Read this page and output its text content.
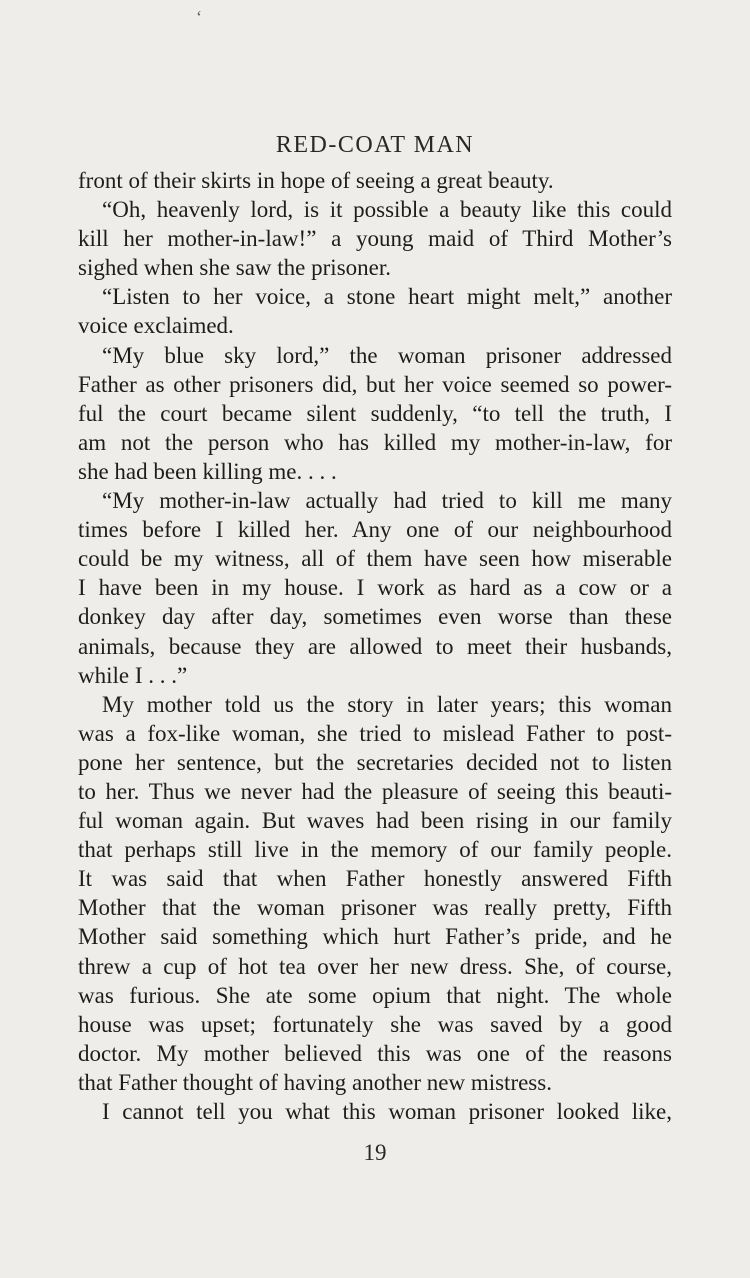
‘
RED-COAT MAN
front of their skirts in hope of seeing a great beauty.
“Oh, heavenly lord, is it possible a beauty like this could
kill her mother-in-law!” a young maid of Third Mother’s
sighed when she saw the prisoner.
“Listen to her voice, a stone heart might melt,” another
voice exclaimed.
“My blue sky lord,” the woman prisoner addressed
Father as other prisoners did, but her voice seemed so power-
ful the court became silent suddenly, “to tell the truth, I
am not the person who has killed my mother-in-law, for
she had been killing me. . . .
“My mother-in-law actually had tried to kill me many
times before I killed her. Any one of our neighbourhood
could be my witness, all of them have seen how miserable
I have been in my house. I work as hard as a cow or a
donkey day after day, sometimes even worse than these
animals, because they are allowed to meet their husbands,
while I . . .”
My mother told us the story in later years; this woman
was a fox-like woman, she tried to mislead Father to post-
pone her sentence, but the secretaries decided not to listen
to her. Thus we never had the pleasure of seeing this beauti-
ful woman again. But waves had been rising in our family
that perhaps still live in the memory of our family people.
It was said that when Father honestly answered Fifth
Mother that the woman prisoner was really pretty, Fifth
Mother said something which hurt Father’s pride, and he
threw a cup of hot tea over her new dress. She, of course,
was furious. She ate some opium that night. The whole
house was upset; fortunately she was saved by a good
doctor. My mother believed this was one of the reasons
that Father thought of having another new mistress.
I cannot tell you what this woman prisoner looked like,
19
